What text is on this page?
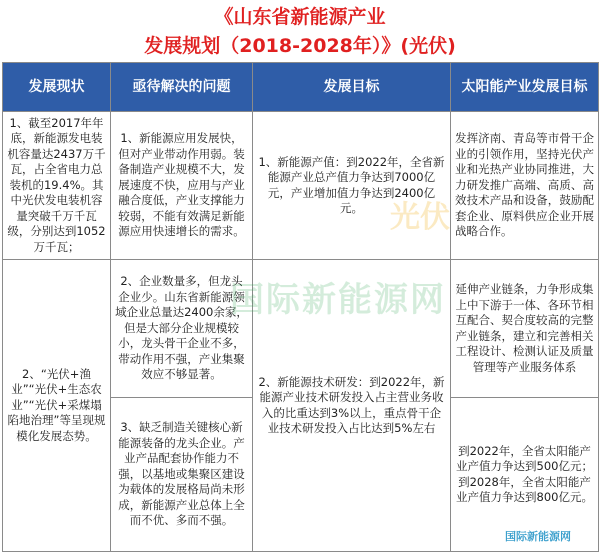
《山东省新能源产业
发展规划（2018-2028年）》(光伏)
发展现状	亟待解决的问题	发展目标	太阳能产业发展目标
1、截至2017年年底，新能源发电装机容量达2437万千瓦，占全省电力总装机的19.4%。其中光伏发电装机容量突破千万千瓦级，分别达到1052万千瓦；	1、新能源应用发展快，但对产业带动作用弱。装备制造产业规模不大，发展速度不快，应用与产业融合度低，产业支撑能力较弱，不能有效满足新能源应用快速增长的需求。	1、新能源产值：到2022年，全省新能源产业总产值力争达到7000亿元，产业增加值力争达到2400亿元。	发挥济南、青岛等市骨干企业的引领作用，坚持光伏产业和光热产业协同推进，大力研发推广高端、高质、高效技术产品和设备，鼓励配套企业、原料供应企业开展战略合作。
2、“光伏+渔业”“光伏+生态农业”“光伏+采煤塌陷地治理”等呈现规模化发展态势。	2、企业数量多，但龙头企业少。山东省新能源领域企业总量达2400余家，但是大部分企业规模较小，龙头骨干企业不多，带动作用不强，产业集聚效应不够显著。	2、新能源技术研发：到2022年，新能源产业技术研发投入占主营业务收入的比重达到3%以上，重点骨干企业技术研发投入占比达到5%左右	延伸产业链条，力争形成集上中下游于一体、各环节相互配合、契合度较高的完整产业链条，建立和完善相关工程设计、检测认证及质量管理等产业服务体系
	3、缺乏制造关键核心新能源装备的龙头企业。产业产品配套协作能力不强，以基地或集聚区建设为载体的发展格局尚未形成，新能源产业总体上全而不优、多而不强。		到2022年，全省太阳能产业产值力争达到500亿元；到2028年，全省太阳能产业产值力争达到800亿元。
国际新能源网
光伏
国际新能源网
